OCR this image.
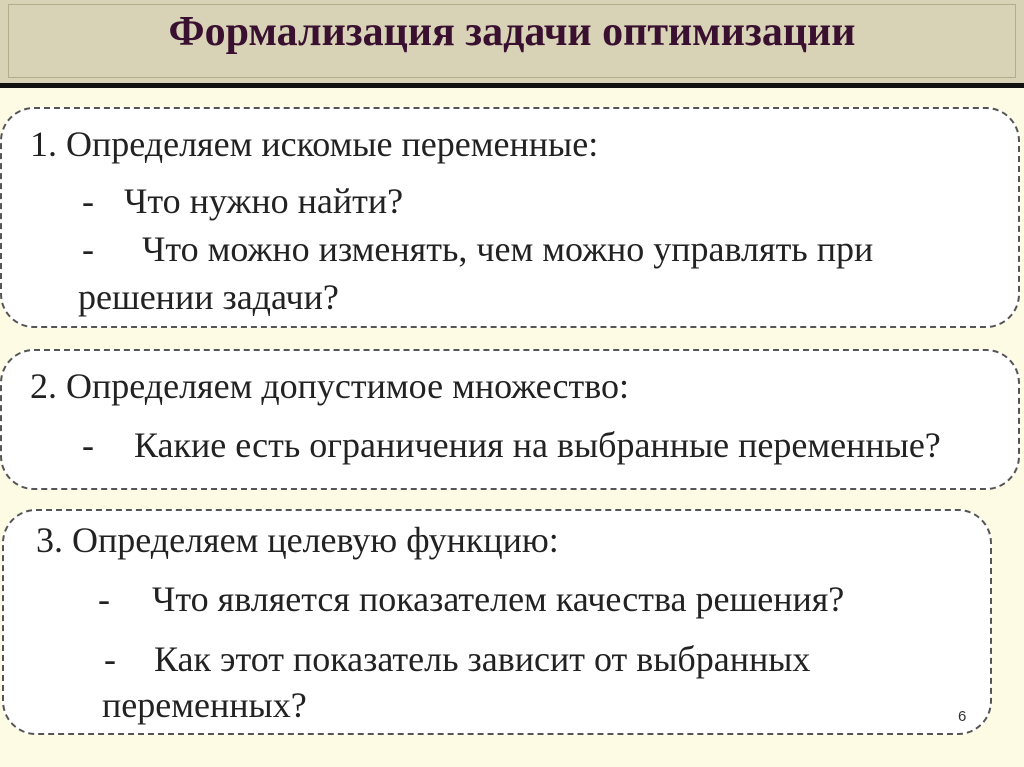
Формализация задачи оптимизации
1. Определяем искомые переменные:
- Что нужно найти?
- Что можно изменять, чем можно управлять при
решении задачи?
2. Определяем допустимое множество:
- Какие есть ограничения на выбранные переменные?
3. Определяем целевую функцию:
- Что является показателем качества решения?
- Как этот показатель зависит от выбранных
переменных?	6
